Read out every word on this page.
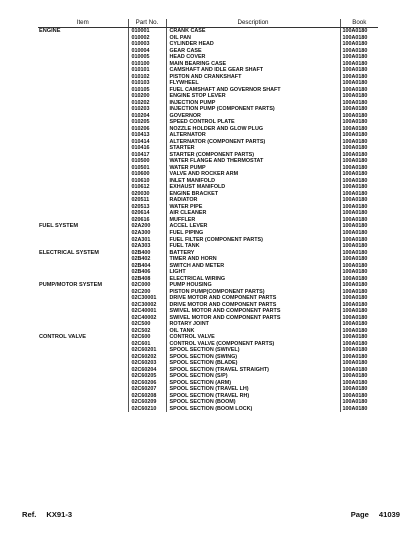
Item	Part No.	Description	Book
ENGINE	010001	CRANK CASE	100A0180
	010002	OIL PAN	100A0180
	010003	CYLINDER HEAD	100A0180
	010004	GEAR CASE	100A0180
	010005	HEAD COVER	100A0180
	010100	MAIN BEARING CASE	100A0180
	010101	CAMSHAFT AND IDLE GEAR SHAFT	100A0180
	010102	PISTON AND CRANKSHAFT	100A0180
	010103	FLYWHEEL	100A0180
	010105	FUEL CAMSHAFT AND GOVERNOR SHAFT	100A0180
	010200	ENGINE STOP LEVER	100A0180
	010202	INJECTION PUMP	100A0180
	010203	INJECTION PUMP (COMPONENT PARTS)	100A0180
	010204	GOVERNOR	100A0180
	010205	SPEED CONTROL PLATE	100A0180
	010206	NOZZLE HOLDER AND GLOW PLUG	100A0180
	010413	ALTERNATOR	100A0180
	010414	ALTERNATOR (COMPONENT PARTS)	100A0180
	010416	STARTER	100A0180
	010417	STARTER (COMPONENT PARTS)	100A0180
	010500	WATER FLANGE AND THERMOSTAT	100A0180
	010501	WATER PUMP	100A0180
	010600	VALVE AND ROCKER ARM	100A0180
	010610	INLET MANIFOLD	100A0180
	010612	EXHAUST MANIFOLD	100A0180
	020030	ENGINE BRACKET	100A0180
	020511	RADIATOR	100A0180
	020513	WATER PIPE	100A0180
	020614	AIR CLEANER	100A0180
	020616	MUFFLER	100A0180
FUEL SYSTEM	02A200	ACCEL LEVER	100A0180
	02A300	FUEL PIPING	100A0180
	02A301	FUEL FILTER (COMPONENT PARTS)	100A0180
	02A303	FUEL TANK	100A0180
ELECTRICAL SYSTEM	02B400	BATTERY	100A0180
	02B402	TIMER AND HORN	100A0180
	02B404	SWITCH AND METER	100A0180
	02B406	LIGHT	100A0180
	02B408	ELECTRICAL WIRING	100A0180
PUMP/MOTOR SYSTEM	02C000	PUMP HOUSING	100A0180
	02C200	PISTON PUMP(COMPONENT PARTS)	100A0180
	02C30001	DRIVE MOTOR AND COMPONENT PARTS	100A0180
	02C30002	DRIVE MOTOR AND COMPONENT PARTS	100A0180
	02C40001	SWIVEL MOTOR AND COMPONENT PARTS	100A0180
	02C40002	SWIVEL MOTOR AND COMPONENT PARTS	100A0180
	02C500	ROTARY JOINT	100A0180
	02C502	OIL TANK	100A0180
CONTROL VALVE	02C600	CONTROL VALVE	100A0180
	02C601	CONTROL VALVE (COMPONENT PARTS)	100A0180
	02C60201	SPOOL SECTION (SWIVEL)	100A0180
	02C60202	SPOOL SECTION (SWING)	100A0180
	02C60203	SPOOL SECTION (BLADE)	100A0180
	02C60204	SPOOL SECTION (TRAVEL STRAIGHT)	100A0180
	02C60205	SPOOL SECTION (S/P)	100A0180
	02C60206	SPOOL SECTION (ARM)	100A0180
	02C60207	SPOOL SECTION (TRAVEL LH)	100A0180
	02C60208	SPOOL SECTION (TRAVEL RH)	100A0180
	02C60209	SPOOL SECTION (BOOM)	100A0180
	02C60210	SPOOL SECTION (BOOM LOCK)	100A0180
Ref. KX91-3	Page 41039
